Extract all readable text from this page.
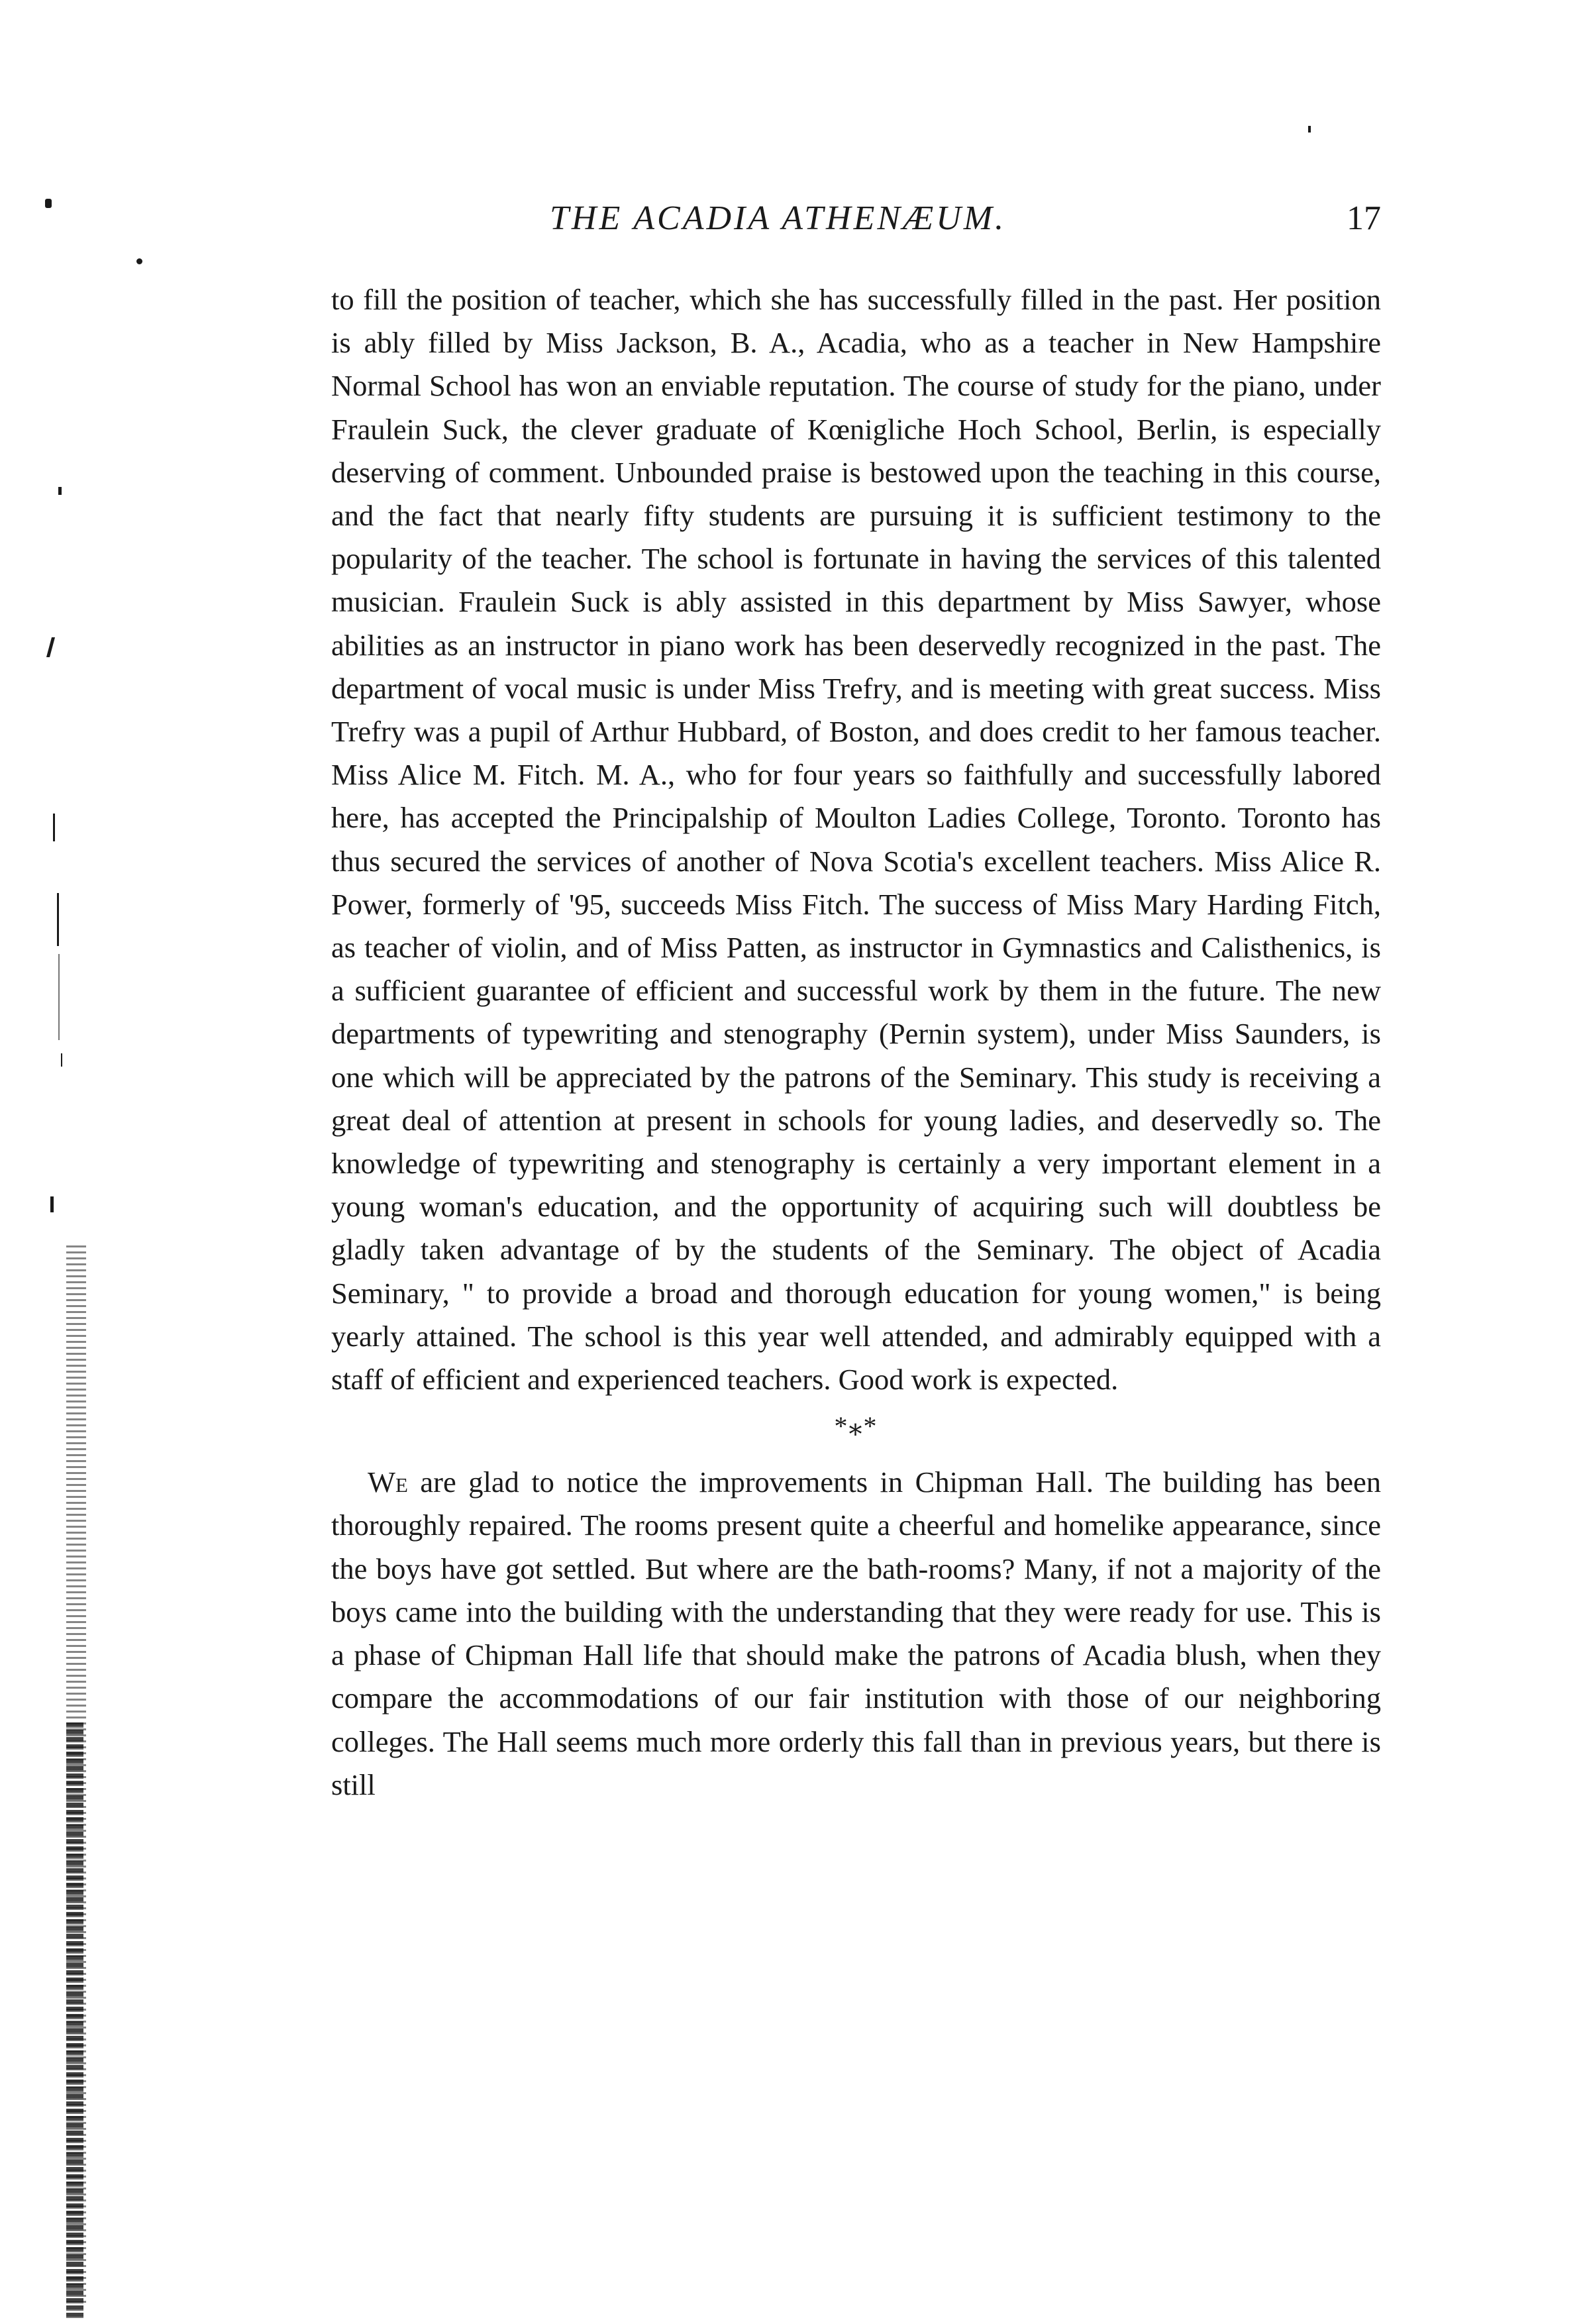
THE ACADIA ATHENÆUM.	17

to fill the position of teacher, which she has successfully filled in the past. Her position is ably filled by Miss Jackson, B. A., Acadia, who as a teacher in New Hampshire Normal School has won an enviable reputation. The course of study for the piano, under Fraulein Suck, the clever graduate of Kœnigliche Hoch School, Berlin, is especially deserving of comment. Unbounded praise is bestowed upon the teaching in this course, and the fact that nearly fifty students are pursuing it is sufficient testimony to the popularity of the teacher. The school is fortunate in having the services of this talented musician. Fraulein Suck is ably assisted in this department by Miss Sawyer, whose abilities as an instructor in piano work has been deservedly recognized in the past. The department of vocal music is under Miss Trefry, and is meeting with great success. Miss Trefry was a pupil of Arthur Hubbard, of Boston, and does credit to her famous teacher. Miss Alice M. Fitch. M. A., who for four years so faithfully and successfully labored here, has accepted the Principalship of Moulton Ladies College, Toronto. Toronto has thus secured the services of another of Nova Scotia's excellent teachers. Miss Alice R. Power, formerly of '95, succeeds Miss Fitch. The success of Miss Mary Harding Fitch, as teacher of violin, and of Miss Patten, as instructor in Gymnastics and Calisthenics, is a sufficient guarantee of efficient and successful work by them in the future. The new departments of typewriting and stenography (Pernin system), under Miss Saunders, is one which will be appreciated by the patrons of the Seminary. This study is receiving a great deal of attention at present in schools for young ladies, and deservedly so. The knowledge of typewriting and stenography is certainly a very important element in a young woman's education, and the opportunity of acquiring such will doubtless be gladly taken advantage of by the students of the Seminary. The object of Acadia Seminary, " to provide a broad and thorough education for young women," is being yearly attained. The school is this year well attended, and admirably equipped with a staff of efficient and experienced teachers. Good work is expected.

*⁎*

We are glad to notice the improvements in Chipman Hall. The building has been thoroughly repaired. The rooms present quite a cheerful and homelike appearance, since the boys have got settled. But where are the bath-rooms? Many, if not a majority of the boys came into the building with the understanding that they were ready for use. This is a phase of Chipman Hall life that should make the patrons of Acadia blush, when they compare the accommodations of our fair institution with those of our neighboring colleges. The Hall seems much more orderly this fall than in previous years, but there is still
